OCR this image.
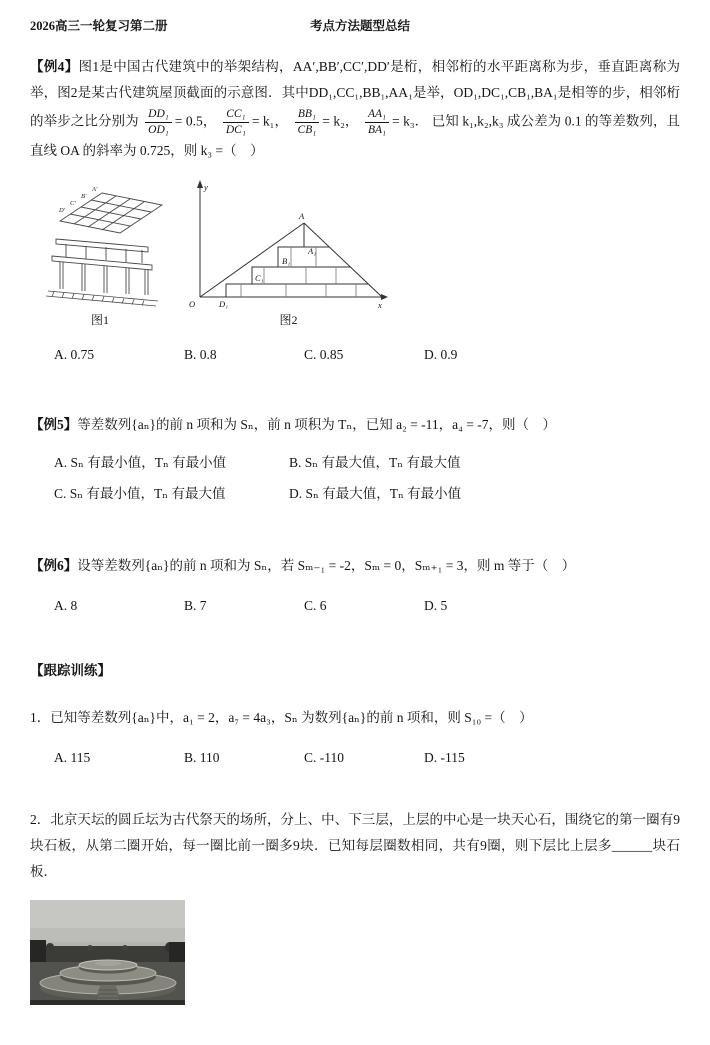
2026高三一轮复习第二册	考点方法题型总结

【例4】图1是中国古代建筑中的举架结构，AA′,BB′,CC′,DD′是桁，相邻桁的水平距离称为步，垂直距离称为举，图2是某古代建筑屋顶截面的示意图．其中DD₁,CC₁,BB₁,AA₁是举，OD₁,DC₁,CB₁,BA₁是相等的步，相邻桁的举步之比分别为 $\frac{\text{DD₁}}{\text{OD₁}} = 0.5$， $\frac{\text{CC₁}}{\text{DC₁}} = k_1$， $\frac{\text{BB₁}}{\text{CB₁}} = k_2$， $\frac{\text{AA₁}}{\text{BA₁}} = k_3$． 已知 k₁,k₂,k₃ 成公差为 0.1 的等差数列，且直线 OA 的斜率为 0.725，则 k₃ =（　）

A′
B′
C′
D′
图1
A
A₁
B₁
C₁
D₁
O
y
x
图2
A. 0.75	B. 0.8	C. 0.85	D. 0.9

【例5】等差数列{aₙ}的前 n 项和为 Sₙ，前 n 项积为 Tₙ，已知 a₂ = -11，a₄ = -7，则（　）

A. Sₙ 有最小值，Tₙ 有最小值	B. Sₙ 有最大值，Tₙ 有最大值
C. Sₙ 有最小值，Tₙ 有最大值	D. Sₙ 有最大值，Tₙ 有最小值

【例6】设等差数列{aₙ}的前 n 项和为 Sₙ，若 Sₘ₋₁ = -2，Sₘ = 0，Sₘ₊₁ = 3，则 m 等于（　）

A. 8	B. 7	C. 6	D. 5
【跟踪训练】

1．已知等差数列{aₙ}中，a₁ = 2，a₇ = 4a₃，Sₙ 为数列{aₙ}的前 n 项和，则 S₁₀ =（　）

A. 115	B. 110	C. -110	D. -115

2．北京天坛的圆丘坛为古代祭天的场所，分上、中、下三层，上层的中心是一块天心石，围绕它的第一圈有9块石板，从第二圈开始，每一圈比前一圈多9块．已知每层圈数相同，共有9圈，则下层比上层多______块石板．
